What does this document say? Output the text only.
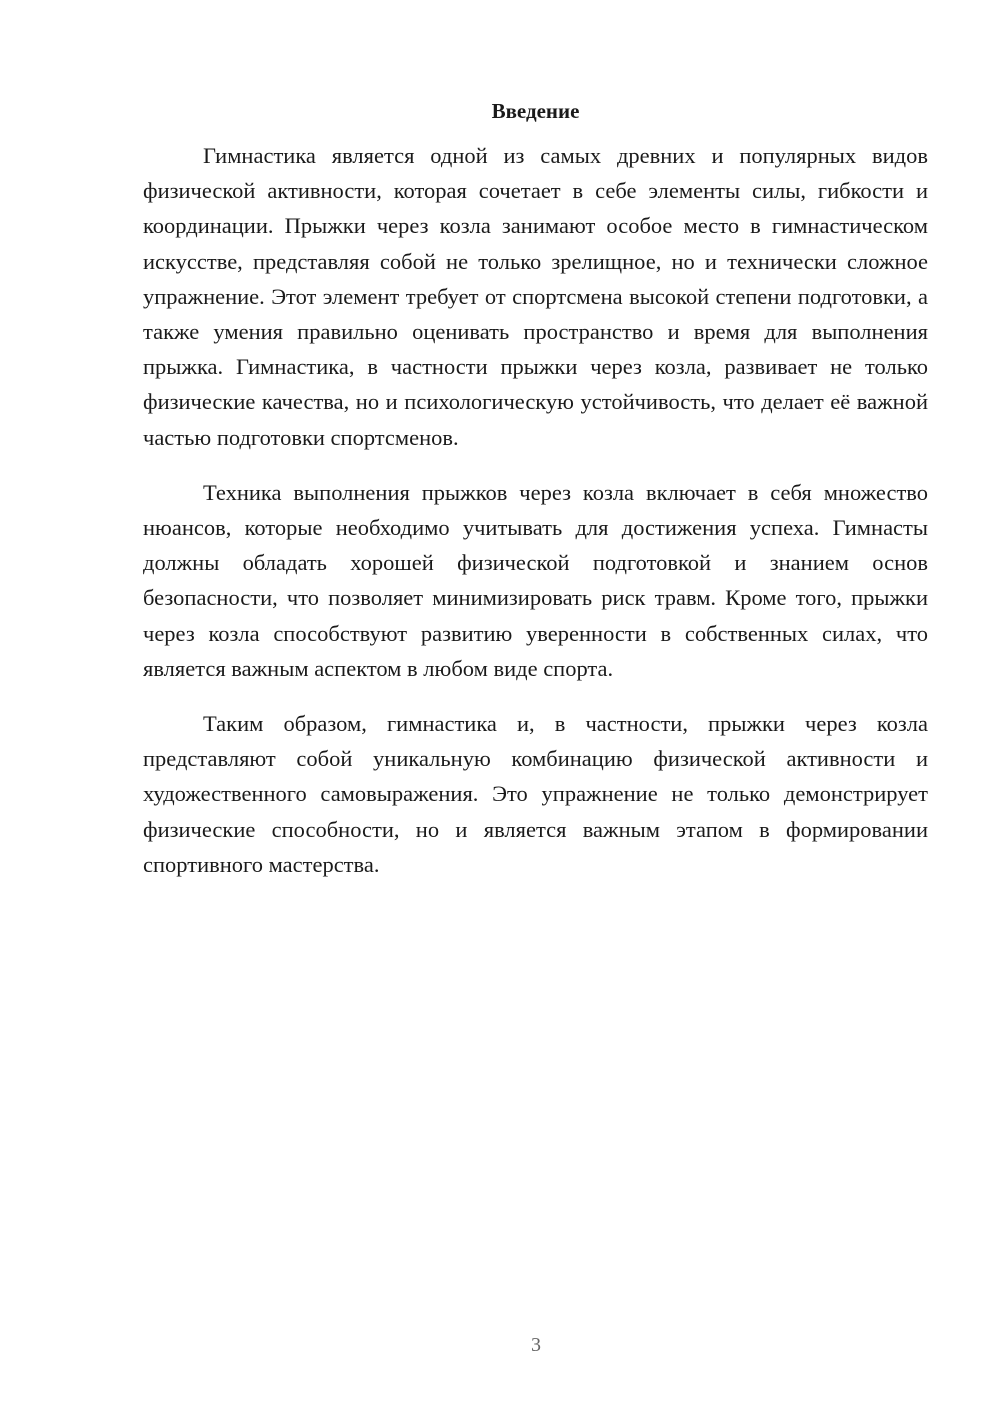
Введение

Гимнастика является одной из самых древних и популярных видов физической активности, которая сочетает в себе элементы силы, гибкости и координации. Прыжки через козла занимают особое место в гимнастическом искусстве, представляя собой не только зрелищное, но и технически сложное упражнение. Этот элемент требует от спортсмена высокой степени подготовки, а также умения правильно оценивать пространство и время для выполнения прыжка. Гимнастика, в частности прыжки через козла, развивает не только физические качества, но и психологическую устойчивость, что делает её важной частью подготовки спортсменов.

Техника выполнения прыжков через козла включает в себя множество нюансов, которые необходимо учитывать для достижения успеха. Гимнасты должны обладать хорошей физической подготовкой и знанием основ безопасности, что позволяет минимизировать риск травм. Кроме того, прыжки через козла способствуют развитию уверенности в собственных силах, что является важным аспектом в любом виде спорта.

Таким образом, гимнастика и, в частности, прыжки через козла представляют собой уникальную комбинацию физической активности и художественного самовыражения. Это упражнение не только демонстрирует физические способности, но и является важным этапом в формировании спортивного мастерства.

3
